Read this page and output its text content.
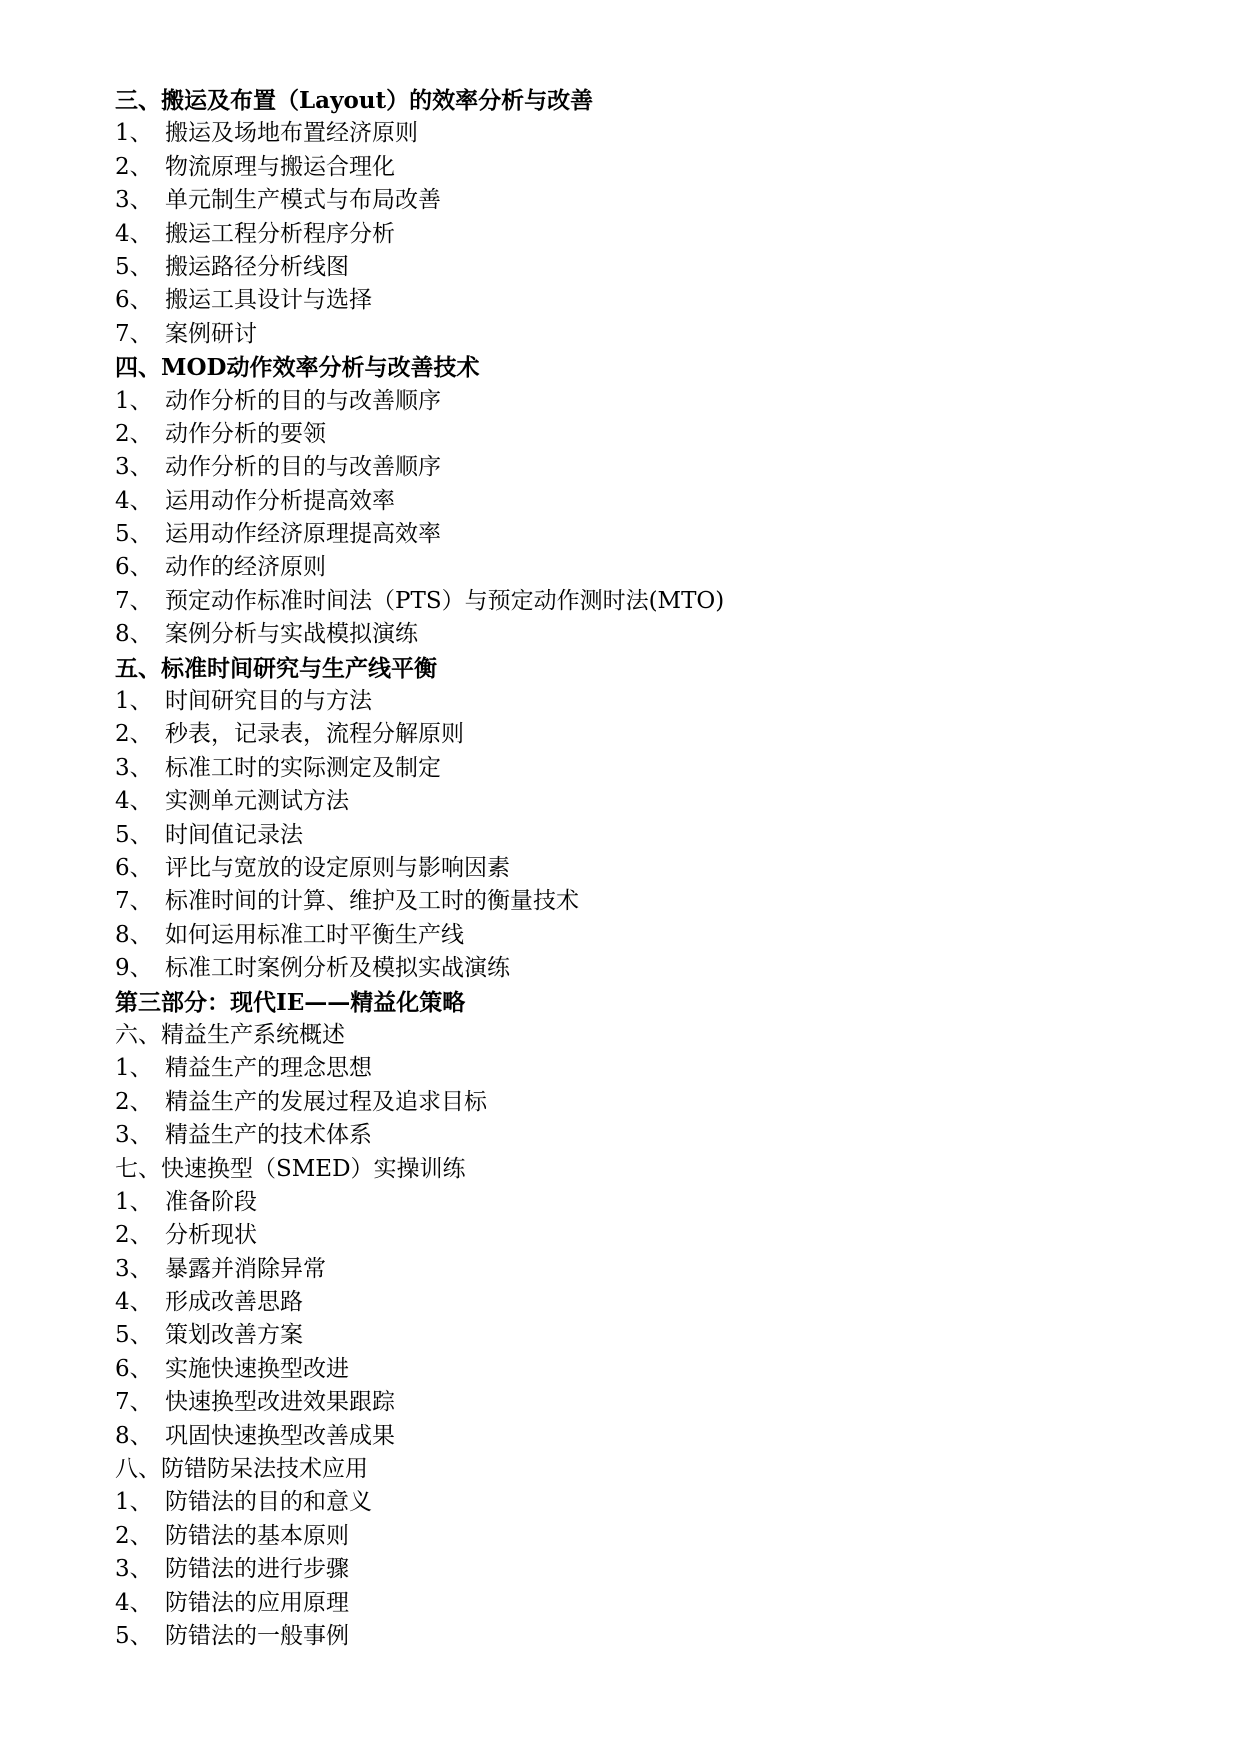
三、搬运及布置（Layout）的效率分析与改善
1、 搬运及场地布置经济原则
2、 物流原理与搬运合理化
3、 单元制生产模式与布局改善
4、 搬运工程分析程序分析
5、 搬运路径分析线图
6、 搬运工具设计与选择
7、 案例研讨
四、MOD动作效率分析与改善技术
1、 动作分析的目的与改善顺序
2、 动作分析的要领
3、 动作分析的目的与改善顺序
4、 运用动作分析提高效率
5、 运用动作经济原理提高效率
6、 动作的经济原则
7、 预定动作标准时间法（PTS）与预定动作测时法(MTO)
8、 案例分析与实战模拟演练
五、标准时间研究与生产线平衡
1、 时间研究目的与方法
2、 秒表，记录表，流程分解原则
3、 标准工时的实际测定及制定
4、 实测单元测试方法
5、 时间值记录法
6、 评比与宽放的设定原则与影响因素
7、 标准时间的计算、维护及工时的衡量技术
8、 如何运用标准工时平衡生产线
9、 标准工时案例分析及模拟实战演练
第三部分：现代IE——精益化策略
六、精益生产系统概述
1、 精益生产的理念思想
2、 精益生产的发展过程及追求目标
3、 精益生产的技术体系
七、快速换型（SMED）实操训练
1、 准备阶段
2、 分析现状
3、 暴露并消除异常
4、 形成改善思路
5、 策划改善方案
6、 实施快速换型改进
7、 快速换型改进效果跟踪
8、 巩固快速换型改善成果
八、防错防呆法技术应用
1、 防错法的目的和意义
2、 防错法的基本原则
3、 防错法的进行步骤
4、 防错法的应用原理
5、 防错法的一般事例
